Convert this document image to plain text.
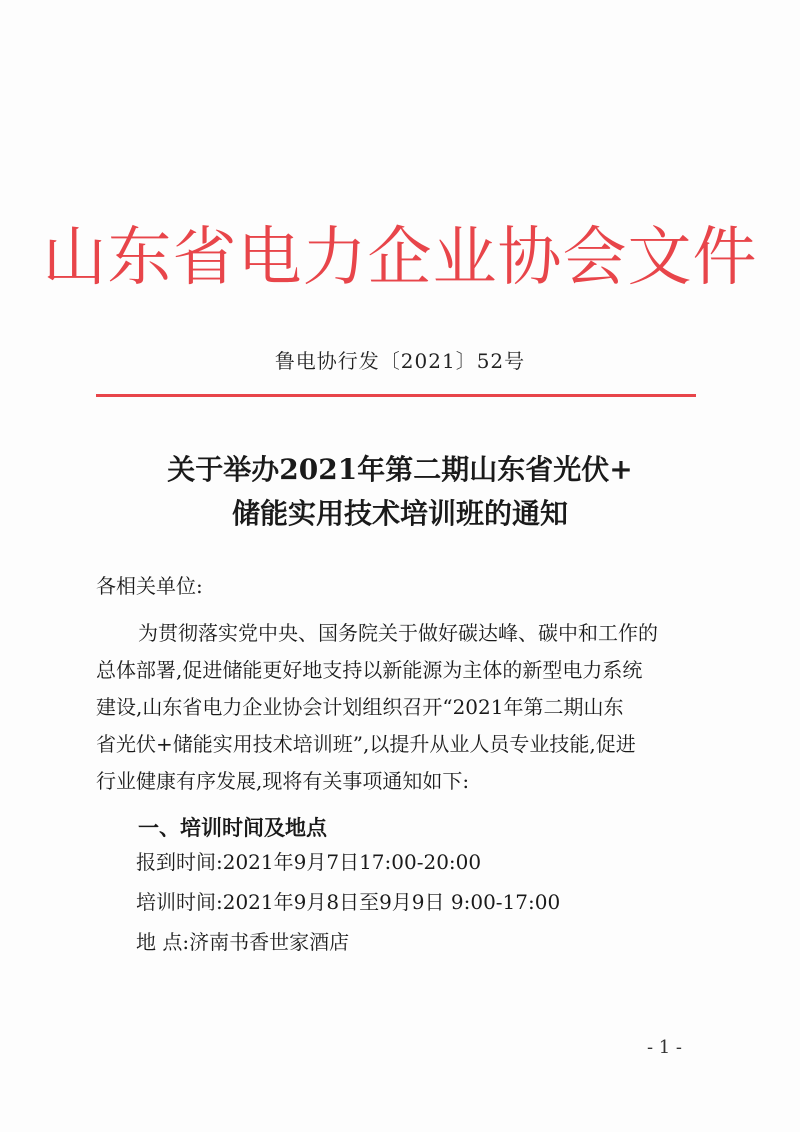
山东省电力企业协会文件
鲁电协行发〔2021〕52号
关于举办2021年第二期山东省光伏+
储能实用技术培训班的通知
各相关单位:
为贯彻落实党中央、国务院关于做好碳达峰、碳中和工作的
总体部署,促进储能更好地支持以新能源为主体的新型电力系统
建设,山东省电力企业协会计划组织召开“2021年第二期山东
省光伏+储能实用技术培训班”,以提升从业人员专业技能,促进
行业健康有序发展,现将有关事项通知如下:
一、培训时间及地点
报到时间:2021年9月7日17:00-20:00
培训时间:2021年9月8日至9月9日 9:00-17:00
地 点:济南书香世家酒店
- 1 -
